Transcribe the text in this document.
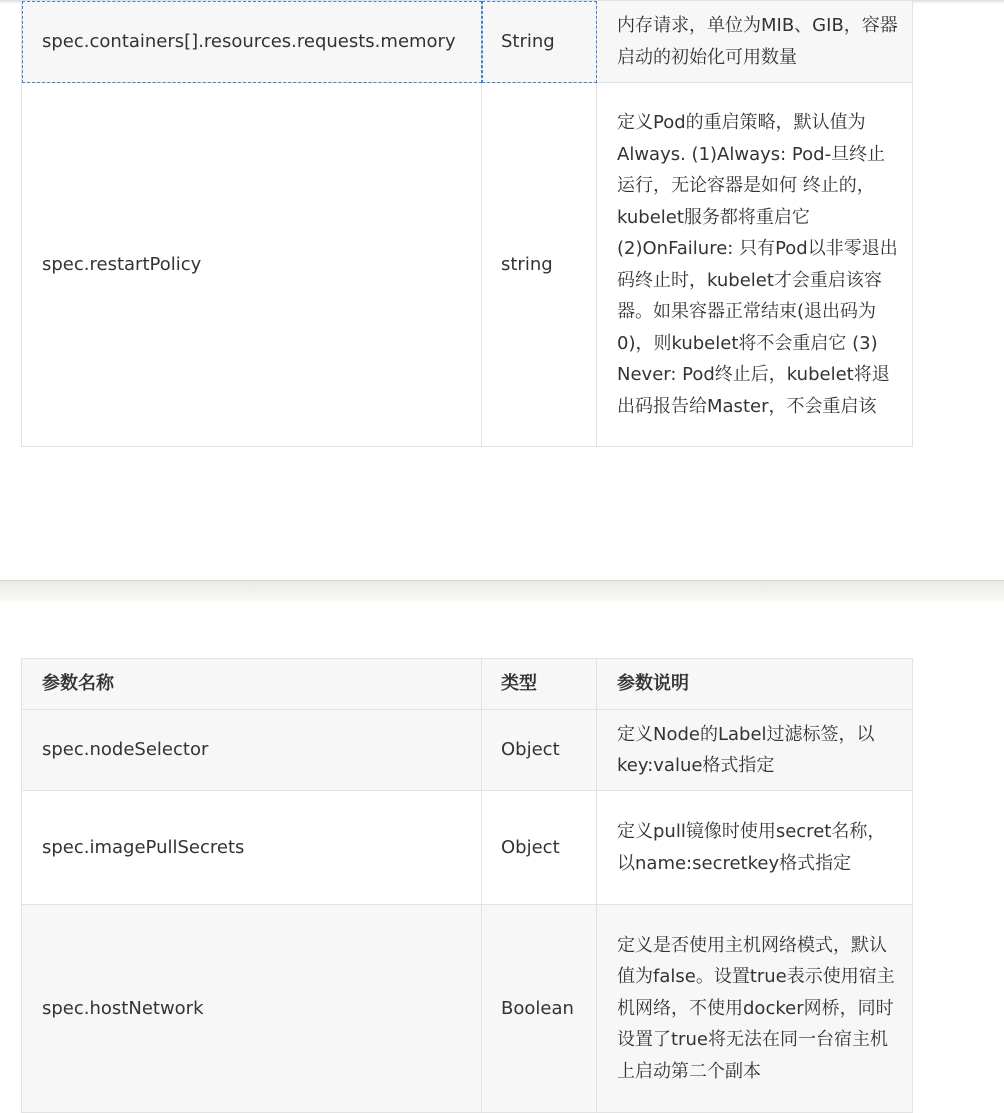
spec.containers[].resources.requests.memory	String	内存请求，单位为MIB、GIB，容器启动的初始化可用数量
spec.restartPolicy	string	定义Pod的重启策略，默认值为Always. (1)Always: Pod-旦终止运行，无论容器是如何 终止的，kubelet服务都将重启它(2)OnFailure: 只有Pod以非零退出码终止时，kubelet才会重启该容器。如果容器正常结束(退出码为0)，则kubelet将不会重启它 (3) Never: Pod终止后，kubelet将退出码报告给Master，不会重启该
参数名称	类型	参数说明
spec.nodeSelector	Object	定义Node的Label过滤标签，以key:value格式指定
spec.imagePullSecrets	Object	定义pull镜像时使用secret名称，以name:secretkey格式指定
spec.hostNetwork	Boolean	定义是否使用主机网络模式，默认值为false。设置true表示使用宿主机网络，不使用docker网桥，同时设置了true将无法在同一台宿主机 上启动第二个副本
